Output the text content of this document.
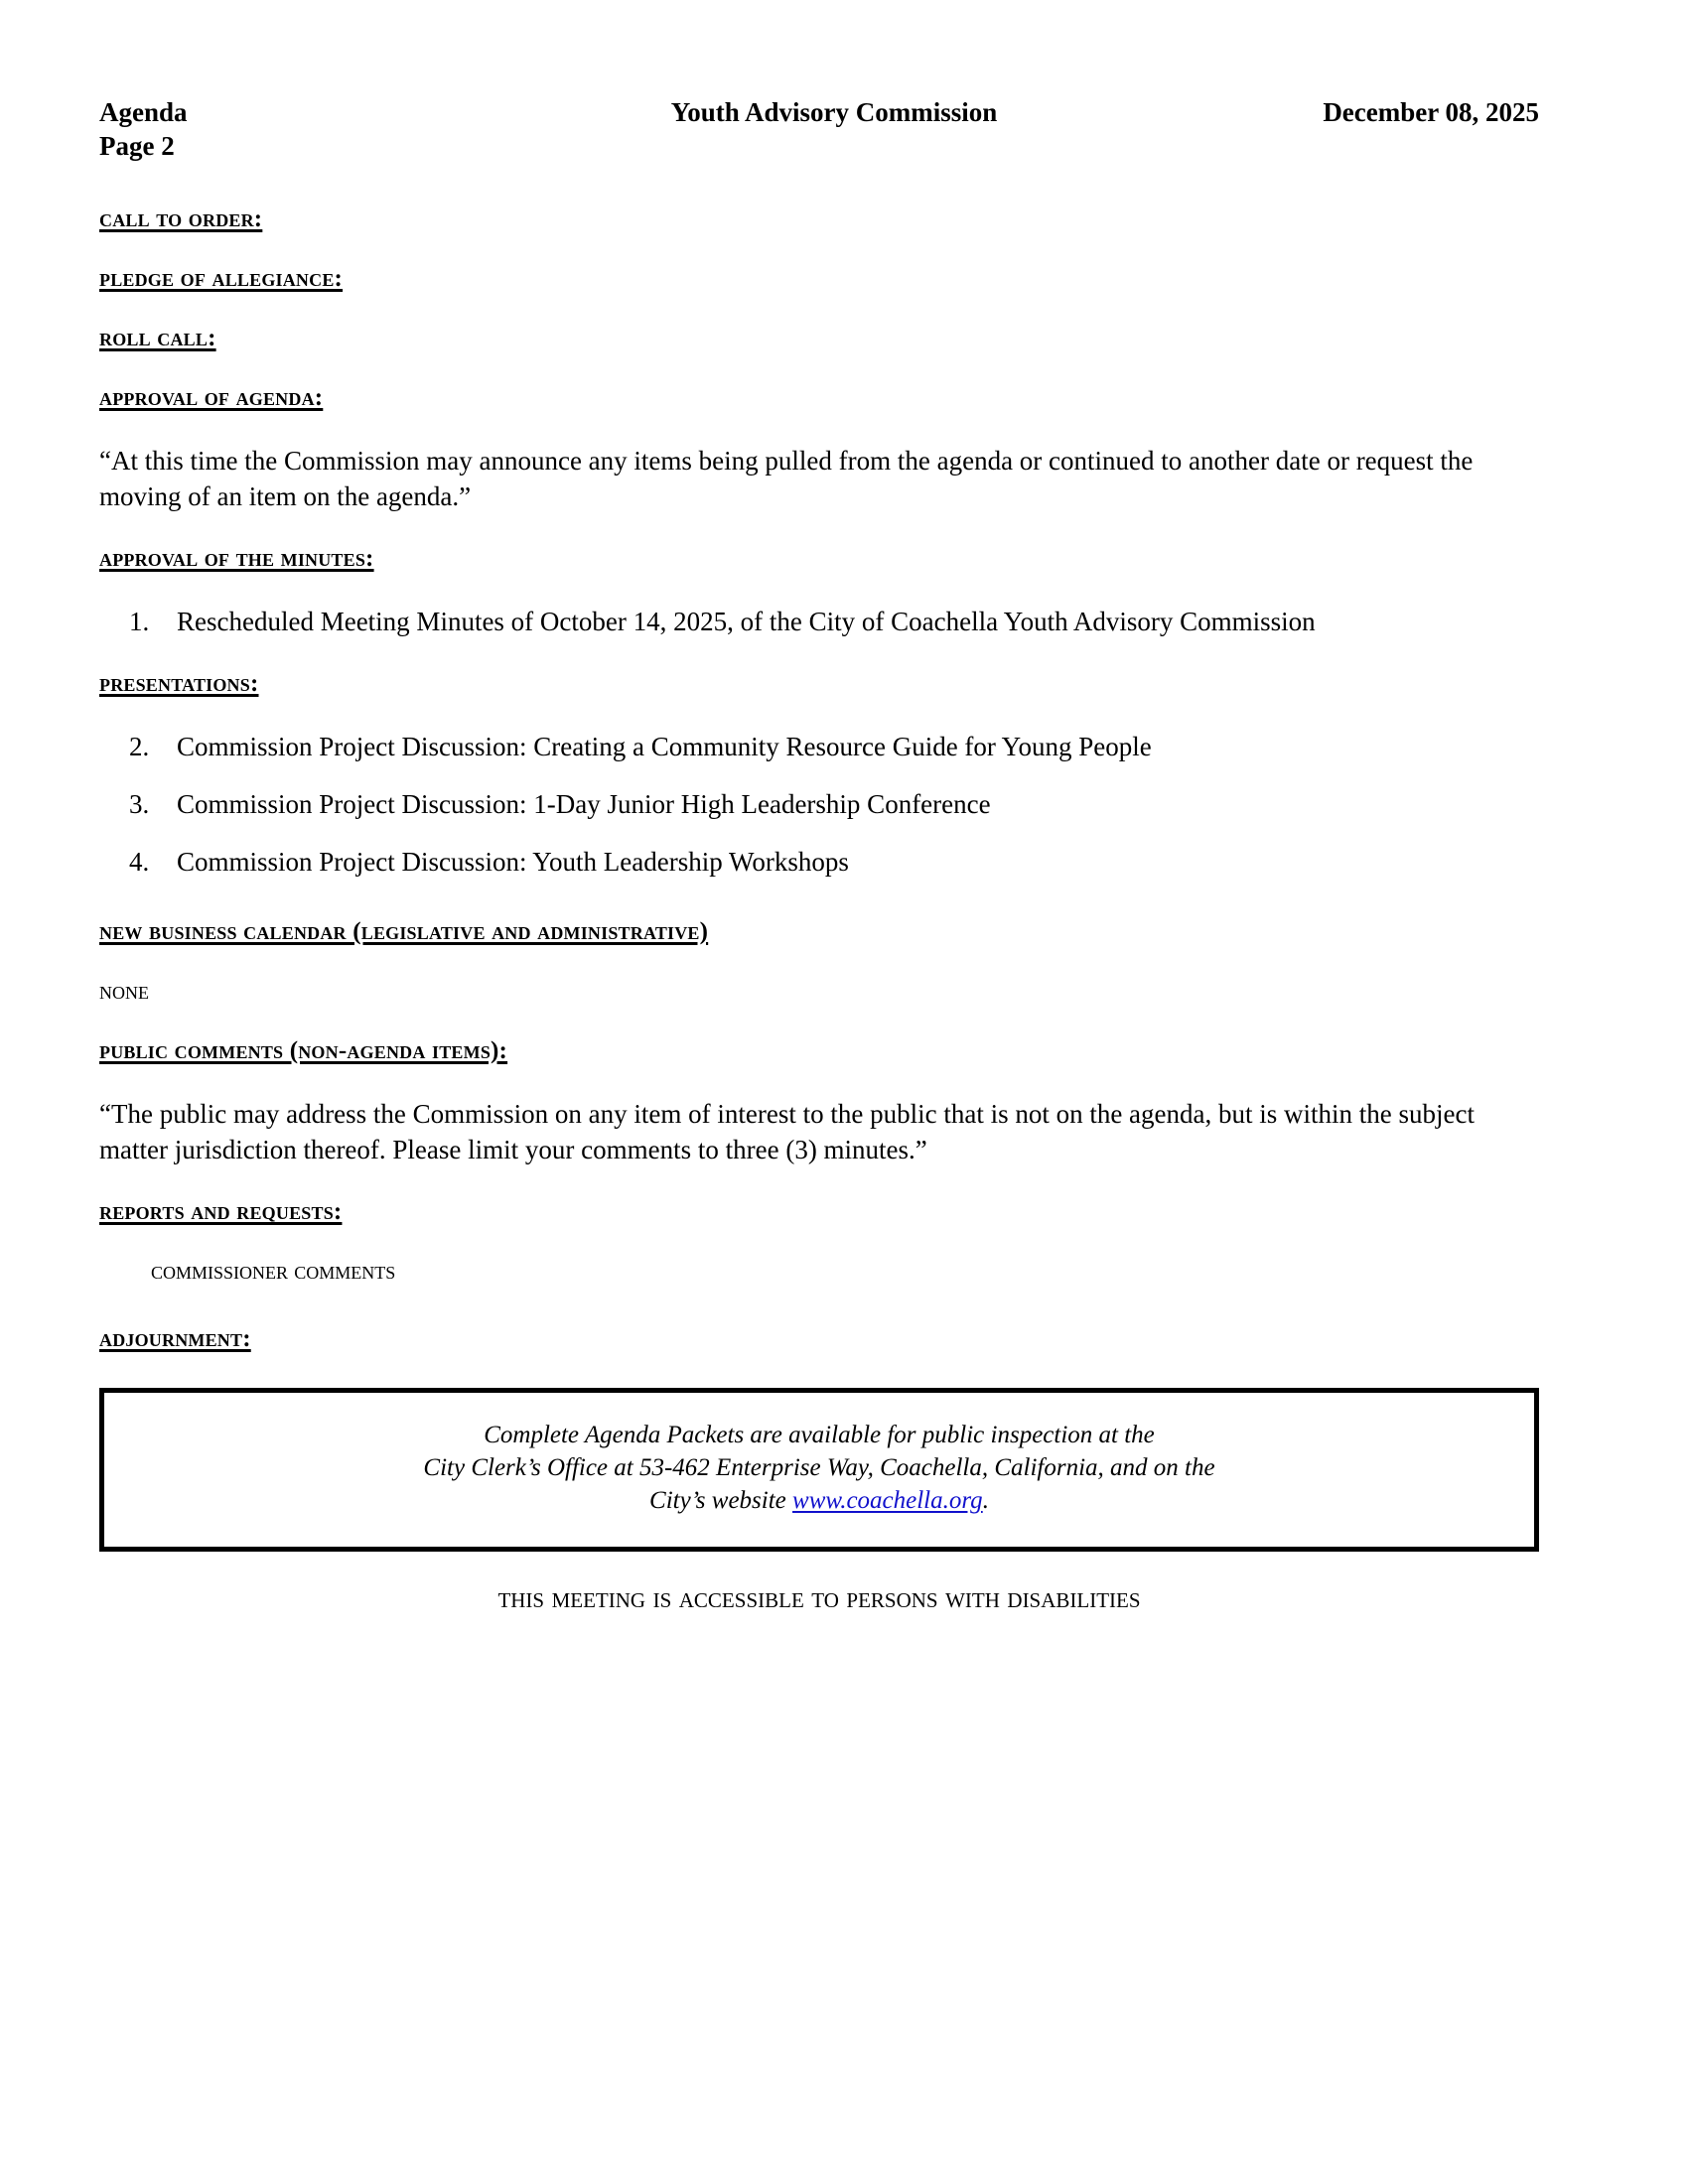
Agenda
Page 2
Youth Advisory Commission	December 08, 2025
call to order:
pledge of allegiance:
roll call:
approval of agenda:

“At this time the Commission may announce any items being pulled from the agenda or continued to another date or request the moving of an item on the agenda.”

approval of the minutes:
1.	Rescheduled Meeting Minutes of October 14, 2025, of the City of Coachella Youth Advisory Commission
presentations:
2.	Commission Project Discussion: Creating a Community Resource Guide for Young People
3.	Commission Project Discussion: 1-Day Junior High Leadership Conference
4.	Commission Project Discussion: Youth Leadership Workshops
new business calendar (legislative and administrative)
none
public comments (non-agenda items):

“The public may address the Commission on any item of interest to the public that is not on the agenda, but is within the subject matter jurisdiction thereof. Please limit your comments to three (3) minutes.”

reports and requests:
commissioner comments
adjournment:
Complete Agenda Packets are available for public inspection at the
City Clerk’s Office at 53-462 Enterprise Way, Coachella, California, and on the
City’s website www.coachella.org.
this meeting is accessible to persons with disabilities
